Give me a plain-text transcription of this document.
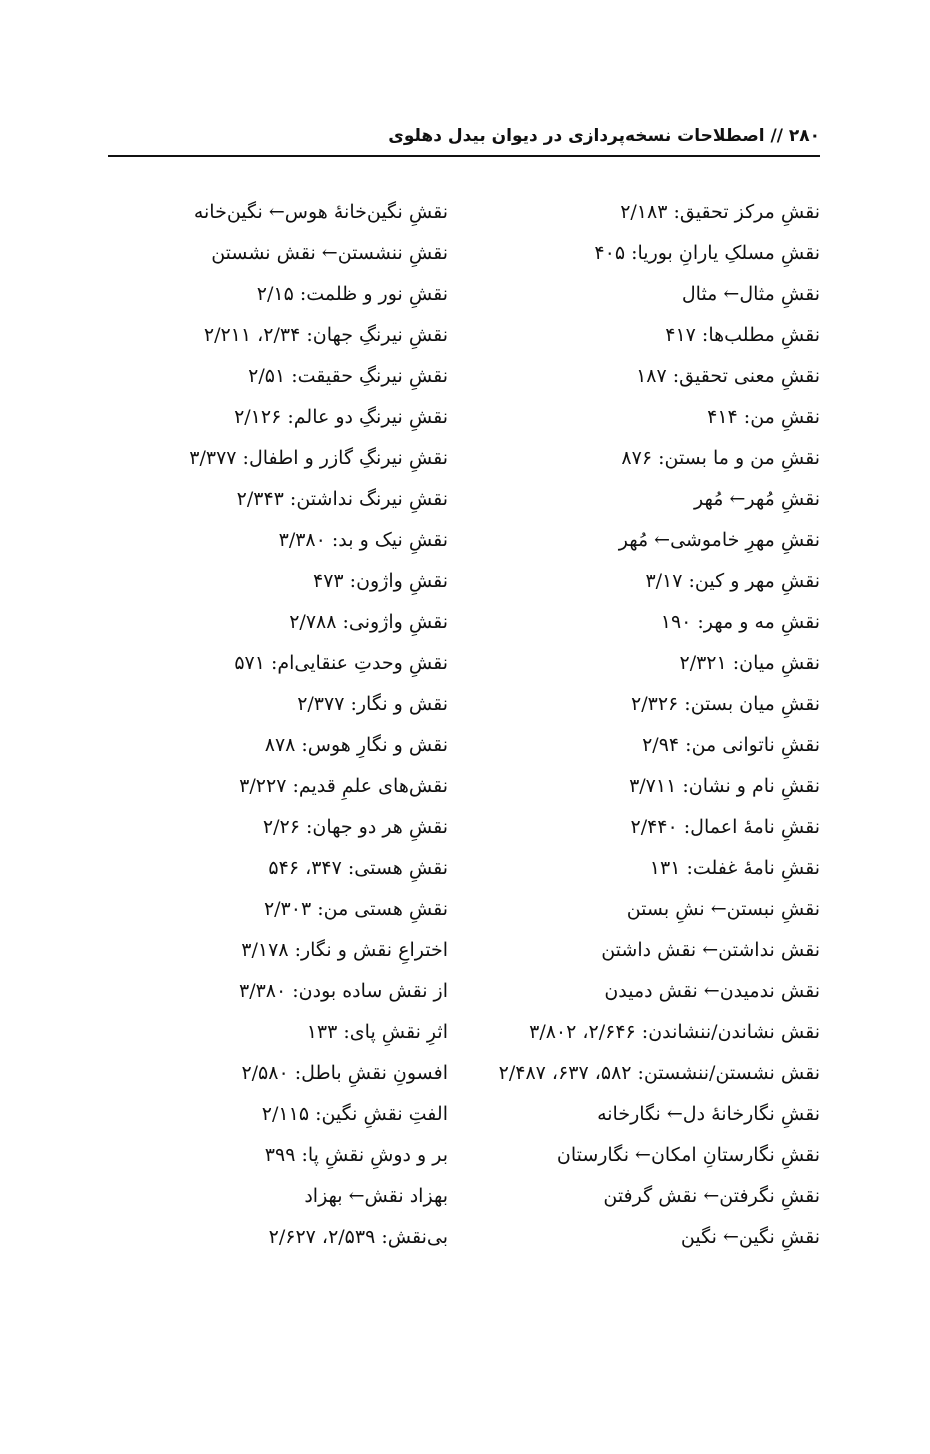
۲۸۰ // اصطلاحات نسخه‌پردازی در دیوان بیدل دهلوی
نقشِ مرکز تحقیق: ۲/۱۸۳
نقشِ مسلکِ یارانِ بوریا: ۴۰۵
نقشِ مثال← مثال
نقشِ مطلب‌ها: ۴۱۷
نقشِ معنی تحقیق: ۱۸۷
نقشِ من: ۴۱۴
نقشِ من و ما بستن: ۸۷۶
نقشِ مُهر← مُهر
نقشِ مهرِ خاموشی← مُهر
نقشِ مهر و کین: ۳/۱۷
نقشِ مه و مهر: ۱۹۰
نقشِ میان: ۲/۳۲۱
نقشِ میان بستن: ۲/۳۲۶
نقشِ ناتوانی من: ۲/۹۴
نقشِ نام و نشان: ۳/۷۱۱
نقشِ نامهٔ اعمال: ۲/۴۴۰
نقشِ نامهٔ غفلت: ۱۳۱
نقشِ نبستن← نشِ بستن
نقش نداشتن← نقش داشتن
نقش ندمیدن← نقش دمیدن
نقش نشاندن/ننشاندن: ۲/۶۴۶، ۳/۸۰۲
نقش نشستن/ننشستن: ۵۸۲، ۶۳۷، ۲/۴۸۷
نقشِ نگارخانهٔ دل← نگارخانه
نقشِ نگارستانِ امکان← نگارستان
نقشِ نگرفتن← نقش گرفتن
نقشِ نگین← نگین
نقشِ نگین‌خانهٔ هوس← نگین‌خانه
نقشِ ننشستن← نقش نشستن
نقشِ نور و ظلمت: ۲/۱۵
نقشِ نیرنگِ جهان: ۲/۳۴، ۲/۲۱۱
نقشِ نیرنگِ حقیقت: ۲/۵۱
نقشِ نیرنگِ دو عالم: ۲/۱۲۶
نقشِ نیرنگِ گازر و اطفال: ۳/۳۷۷
نقشِ نیرنگ نداشتن: ۲/۳۴۳
نقشِ نیک و بد: ۳/۳۸۰
نقشِ واژون: ۴۷۳
نقشِ واژونی: ۲/۷۸۸
نقشِ وحدتِ عنقایی‌ام: ۵۷۱
نقش و نگار: ۲/۳۷۷
نقش و نگارِ هوس: ۸۷۸
نقش‌های علمِ قدیم: ۳/۲۲۷
نقشِ هر دو جهان: ۲/۲۶
نقشِ هستی: ۳۴۷، ۵۴۶
نقشِ هستی من: ۲/۳۰۳
اختراعِ نقش و نگار: ۳/۱۷۸
از نقش ساده بودن: ۳/۳۸۰
اثرِ نقشِ پای: ۱۳۳
افسونِ نقشِ باطل: ۲/۵۸۰
الفتِ نقشِ نگین: ۲/۱۱۵
بر و دوشِ نقشِ پا: ۳۹۹
بهزاد نقش← بهزاد
بی‌نقش: ۲/۵۳۹، ۲/۶۲۷
